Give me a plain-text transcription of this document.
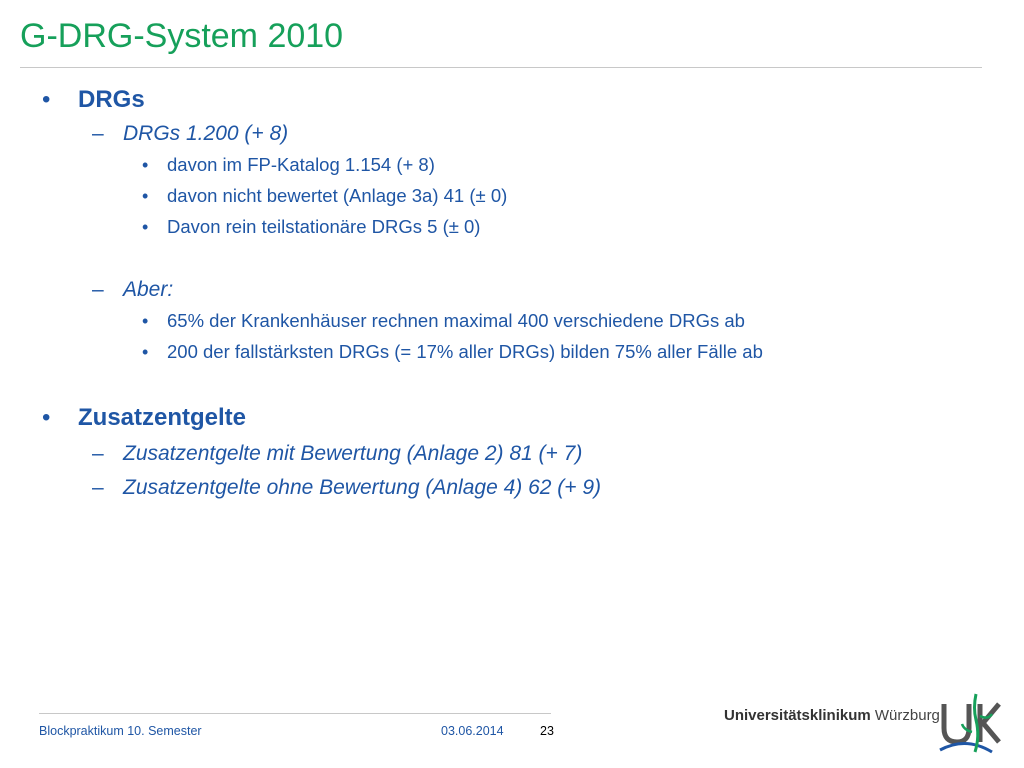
G-DRG-System 2010
• DRGs
– DRGs 1.200 (+ 8)
• davon im FP-Katalog 1.154 (+ 8)
• davon nicht bewertet (Anlage 3a) 41 (± 0)
• Davon rein teilstationäre DRGs 5 (± 0)
– Aber:
• 65% der Krankenhäuser rechnen maximal 400 verschiedene DRGs ab
• 200 der fallstärksten DRGs (= 17% aller DRGs) bilden 75% aller Fälle ab
• Zusatzentgelte
– Zusatzentgelte mit Bewertung (Anlage 2) 81 (+ 7)
– Zusatzentgelte ohne Bewertung (Anlage 4) 62 (+ 9)
Blockpraktikum 10. Semester	03.06.2014	23
Universitätsklinikum Würzburg
